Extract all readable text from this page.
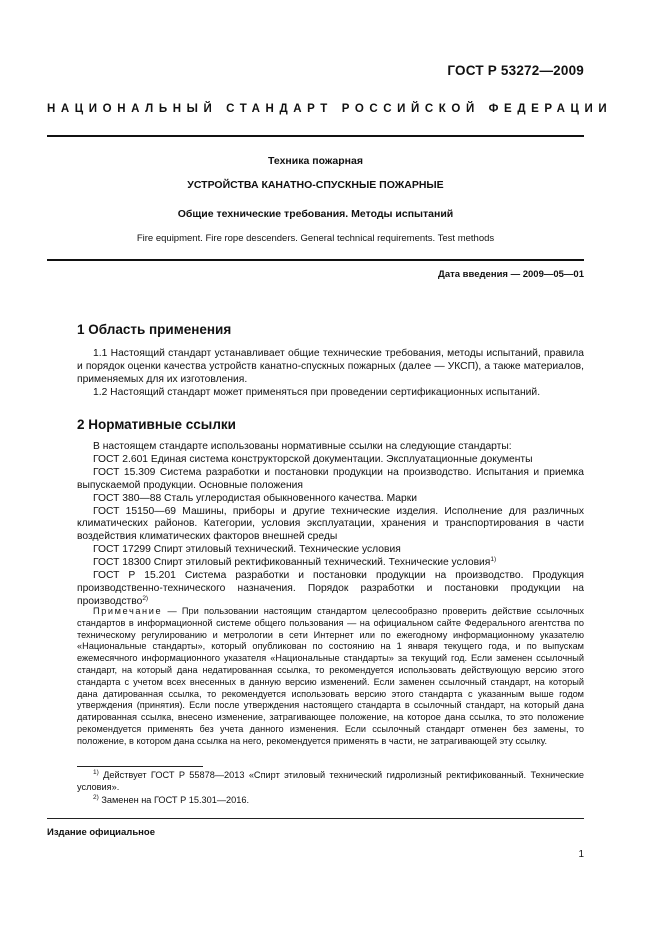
ГОСТ Р 53272—2009
НАЦИОНАЛЬНЫЙ СТАНДАРТ РОССИЙСКОЙ ФЕДЕРАЦИИ
Техника пожарная
УСТРОЙСТВА КАНАТНО-СПУСКНЫЕ ПОЖАРНЫЕ
Общие технические требования. Методы испытаний
Fire equipment. Fire rope descenders. General technical requirements. Test methods
Дата введения — 2009—05—01
1 Область применения

1.1 Настоящий стандарт устанавливает общие технические требования, методы испытаний, правила и порядок оценки качества устройств канатно-спускных пожарных (далее — УКСП), а также материалов, применяемых для их изготовления.

1.2 Настоящий стандарт может применяться при проведении сертификационных испытаний.

2 Нормативные ссылки

В настоящем стандарте использованы нормативные ссылки на следующие стандарты:

ГОСТ 2.601 Единая система конструкторской документации. Эксплуатационные документы

ГОСТ 15.309 Система разработки и постановки продукции на производство. Испытания и приемка выпускаемой продукции. Основные положения

ГОСТ 380—88 Сталь углеродистая обыкновенного качества. Марки

ГОСТ 15150—69 Машины, приборы и другие технические изделия. Исполнение для различных климатических районов. Категории, условия эксплуатации, хранения и транспортирования в части воздействия климатических факторов внешней среды

ГОСТ 17299 Спирт этиловый технический. Технические условия

ГОСТ 18300 Спирт этиловый ректификованный технический. Технические условия$^{1)}$

ГОСТ Р 15.201 Система разработки и постановки продукции на производство. Продукция производственно-технического назначения. Порядок разработки и постановки продукции на производство$^{2)}$

Примечание — При пользовании настоящим стандартом целесообразно проверить действие ссылочных стандартов в информационной системе общего пользования — на официальном сайте Федерального агентства по техническому регулированию и метрологии в сети Интернет или по ежегодному информационному указателю «Национальные стандарты», который опубликован по состоянию на 1 января текущего года, и по выпускам ежемесячного информационного указателя «Национальные стандарты» за текущий год. Если заменен ссылочный стандарт, на который дана недатированная ссылка, то рекомендуется использовать действующую версию этого стандарта с учетом всех внесенных в данную версию изменений. Если заменен ссылочный стандарт, на который дана датированная ссылка, то рекомендуется использовать версию этого стандарта с указанным выше годом утверждения (принятия). Если после утверждения настоящего стандарта в ссылочный стандарт, на который дана датированная ссылка, внесено изменение, затрагивающее положение, на которое дана ссылка, то это положение рекомендуется применять без учета данного изменения. Если ссылочный стандарт отменен без замены, то положение, в котором дана ссылка на него, рекомендуется применять в части, не затрагивающей эту ссылку.
$^{1)}$ Действует ГОСТ Р 55878—2013 «Спирт этиловый технический гидролизный ректификованный. Технические условия».
$^{2)}$ Заменен на ГОСТ Р 15.301—2016.
Издание официальное
1
